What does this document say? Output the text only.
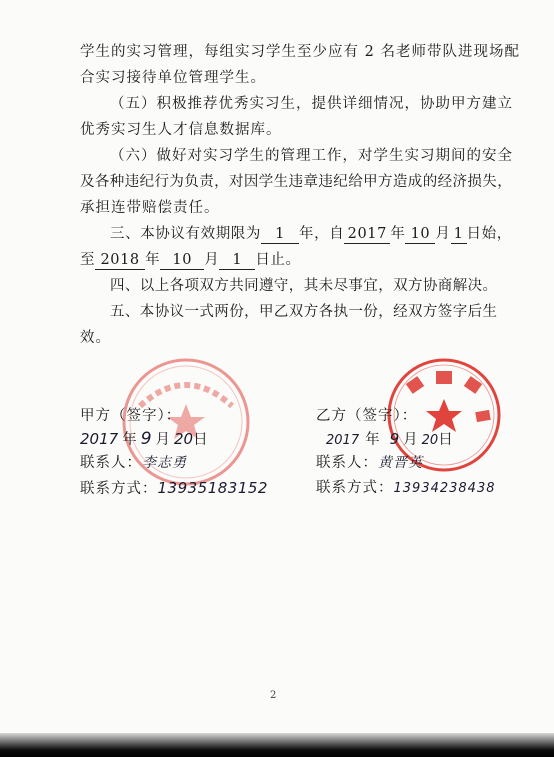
学生的实习管理，每组实习学生至少应有 2 名老师带队进现场配
合实习接待单位管理学生。
（五）积极推荐优秀实习生，提供详细情况，协助甲方建立
优秀实习生人才信息数据库。
（六）做好对实习学生的管理工作，对学生实习期间的安全
及各种违纪行为负责，对因学生违章违纪给甲方造成的经济损失，
承担连带赔偿责任。
三、本协议有效期限为 1 年，自 2017 年 10 月 1 日始，
至 2018 年 10 月 1 日止。
四、以上各项双方共同遵守，其未尽事宜，双方协商解决。
五、本协议一式两份，甲乙双方各执一份，经双方签字后生
效。
甲方（签字）：
2017 年 9 月 20日
联系人：李志勇
联系方式：13935183152
乙方（签字）：
2017 年 9 月 20日
联系人：黄晋英
联系方式：13934238438
2
